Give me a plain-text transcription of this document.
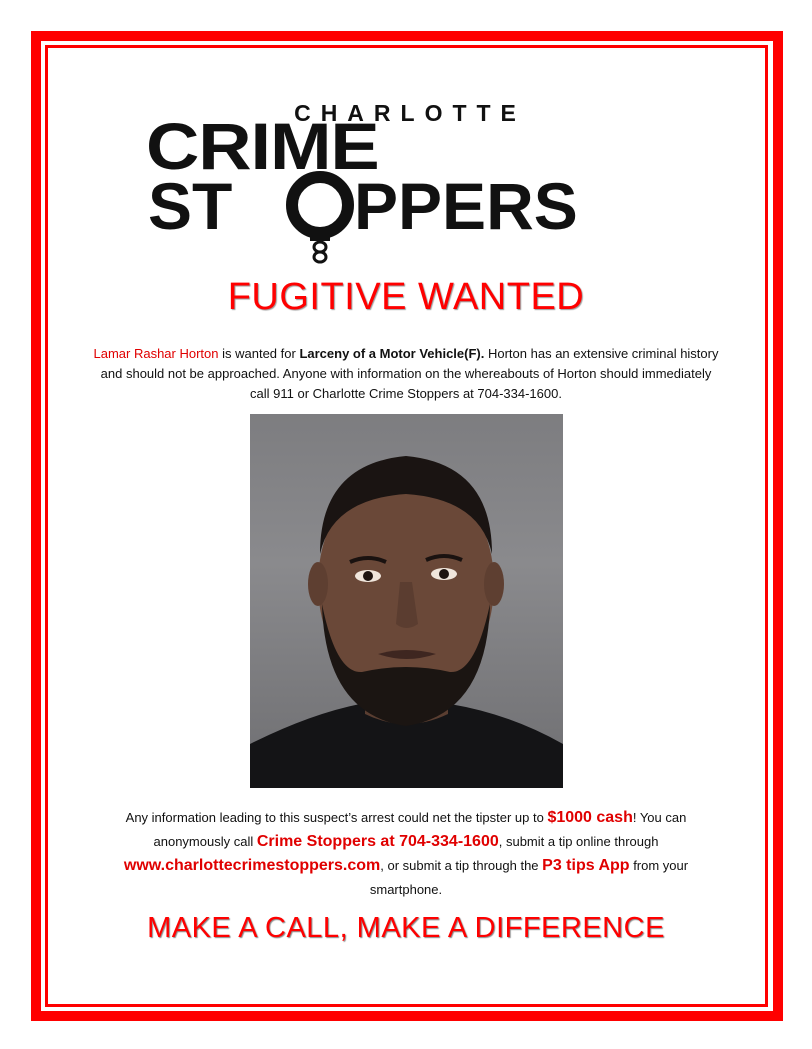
CHARLOTTE
CRIME
ST PPERS
FUGITIVE WANTED
Lamar Rashar Horton is wanted for Larceny of a Motor Vehicle(F). Horton has an extensive criminal history and should not be approached. Anyone with information on the whereabouts of Horton should immediately call 911 or Charlotte Crime Stoppers at 704-334-1600.
Any information leading to this suspect’s arrest could net the tipster up to $1000 cash! You can anonymously call Crime Stoppers at 704-334-1600, submit a tip online through www.charlottecrimestoppers.com, or submit a tip through the P3 tips App from your smartphone.
MAKE A CALL, MAKE A DIFFERENCE
